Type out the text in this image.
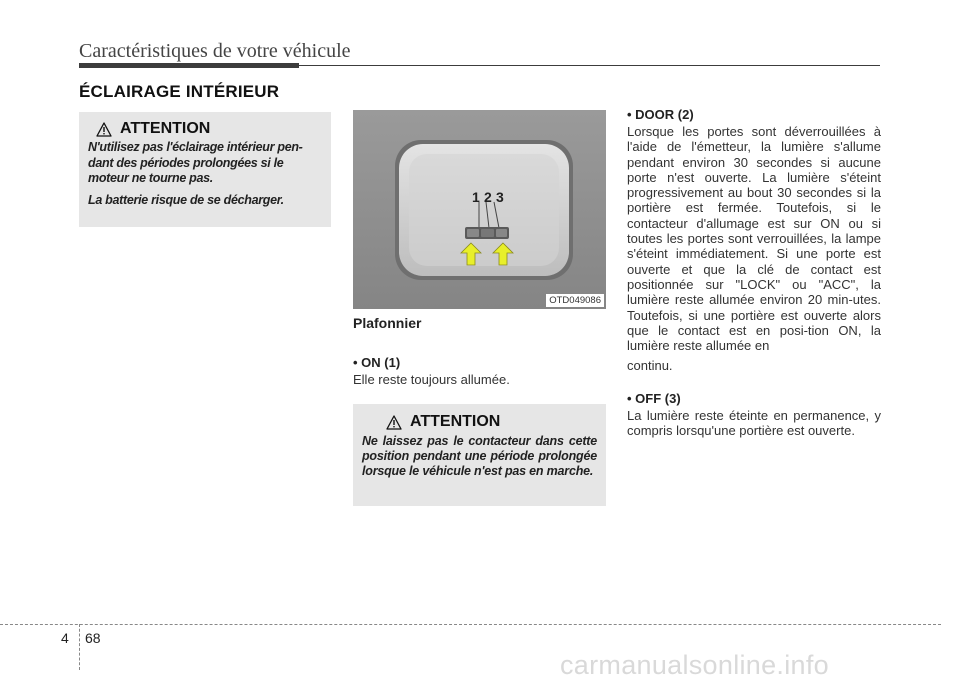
Caractéristiques de votre véhicule
ÉCLAIRAGE INTÉRIEUR
ATTENTION

N'utilisez pas l'éclairage intérieur pen-dant des périodes prolongées si le moteur ne tourne pas.

La batterie risque de se décharger.	1 2 3
OTD049086
Plafonnier
• ON (1)

Elle reste toujours allumée.

ATTENTION

Ne laissez pas le contacteur dans cette position pendant une période prolongée lorsque le véhicule n'est pas en marche.

• DOOR (2)

Lorsque les portes sont déverrouillées à l'aide de l'émetteur, la lumière s'allume pendant environ 30 secondes si aucune porte n'est ouverte. La lumière s'éteint progressivement au bout 30 secondes si la portière est fermée. Toutefois, si le contacteur d'allumage est sur ON ou si toutes les portes sont verrouillées, la lampe s'éteint immédiatement. Si une porte est ouverte et que la clé de contact est positionnée sur "LOCK" ou "ACC", la lumière reste allumée environ 20 min-utes. Toutefois, si une portière est ouverte alors que le contact est en posi-tion ON, la lumière reste allumée en

continu.

• OFF (3)

La lumière reste éteinte en permanence, y compris lorsqu'une portière est ouverte.

4 68
carmanualsonline.info
